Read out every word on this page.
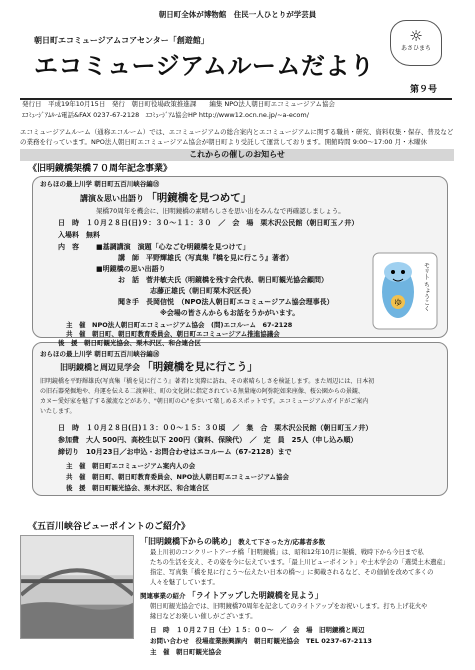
朝日町全体が博物館　住民一人ひとりが学芸員
朝日町エコミュージアムコアセンター「創遊館」
エコミュージアムルームだより
☼
あさひまち
第９号
発行日　平成19年10月15日　発行　朝日町役場政策推進課　　編集 NPO法人朝日町エコミュージアム協会
ｴｺﾐｭｰｼﾞｱﾑﾙｰﾑ電話&FAX 0237-67-2128　ｴｺﾐｭｰｼﾞｱﾑ協会HP http://www12.ocn.ne.jp/~a-ecom/
エコミュージアムルーム（通称エコルーム）では、エコミュージアムの総合案内とエコミュージアムに関する職員・研究、資料収集・保存、普及などの業務を行っています。NPO法人朝日町エコミュージアム協会が朝日町より受託して運営しております。開館時間 9:00～17:00 月・木曜休
これからの催しのお知らせ
《旧明鏡橋架橋７０周年記念事業》
おらほの最上川学 朝日町五百川峡谷編⑮
講演＆思い出語り 「明鏡橋を見つめて」
架橋70周年を機会に、旧明鏡橋の素晴らしさを思い出をみんなで再確認しましょう。
日　時　１０月２８日(日)９：３０～１１：３０　／　会　場　栗木沢公民館（朝日町玉ノ井）
入場料　無料
内　容 ■基調講演　演題「心なごむ明鏡橋を見つけて」
講　師　平野輝雄氏（写真集『橋を見に行こう』著者）
■明鏡橋の思い出語り
お　話　菅井敏夫氏（明鏡橋を残す会代表、朝日町観光協会顧問）
志藤正雄氏（朝日町栗木沢区長）
聞き手　長岡信悦　（NPO法人朝日町エコミュージアム協会理事長）
※会場の皆さんからもお話をうかがいます。
主　催　NPO法人朝日町エコミュージアム協会　(問)エコルーム　67-2128
共　催　朝日町、朝日町教育委員会、朝日町エコミュージアム推進協議会
ゆ	モリト ちょうこく
後　援　朝日町観光協会、栗木沢区、和合連合区
おらほの最上川学 朝日町五百川峡谷編⑯
旧明鏡橋と周辺見学会 「明鏡橋を見に行こう」
旧明鏡橋を平野輝雄氏(写真集『橋を見に行こう』著者)と実際に訪ね、その素晴らしさを検証します。また周辺には、日本初
の旧石器発掘地や、舟運を伝える二渡神社、町の文化財に指定されている無量庵の阿弥陀如来座像、桜公園からの景観、
カヌー愛好家を魅了する激流などがあり、"朝日町の心"を歩いて楽しめるスポットです。エコミュージアムガイドがご案内
いたします。
日　時　１０月２８日(日)１３：００～１５：３０頃　／　集　合　栗木沢公民館（朝日町玉ノ井）
参加費　大人 500円、高校生以下 200円（資料、保険代）　／　定　員　25人（申し込み順）
締切り　10月23日／お申込・お問合わせはエコルーム（67-2128）まで
主　催　朝日町エコミュージアム案内人の会
共　催　朝日町、朝日町教育委員会、NPO法人朝日町エコミュージアム協会
後　援　朝日町観光協会、栗木沢区、和合連合区
《五百川峡谷ビューポイントのご紹介》
「旧明鏡橋下からの眺め」 教えて下さった方/応募者多数
最上川初のコンクリートアーチ橋「旧明鏡橋」は、昭和12年10月に架橋、戦時下から今日まで私
たちの生活を支え、その姿を今に伝えています。「最上川ビューポイント」や土木学会の「選奨土木遺産」
指定、写真集「橋を見に行こう～伝えたい日本の橋～」に掲載されるなど、その価値を改めて多くの
人々を魅了しています。
関連事業の紹介 「ライトアップした明鏡橋を見よう」
朝日町観光協会では、旧明鏡橋70周年を記念してのライトアップをお祝いします。打ち上げ花火や
縁日などお楽しい催しがございます。
日　時　１０月２７日（土）１５：００～　／　会　場　旧明鏡橋と周辺
お問い合わせ　役場産業振興課内　朝日町観光協会　TEL 0237-67-2113
主　催　朝日町観光協会
